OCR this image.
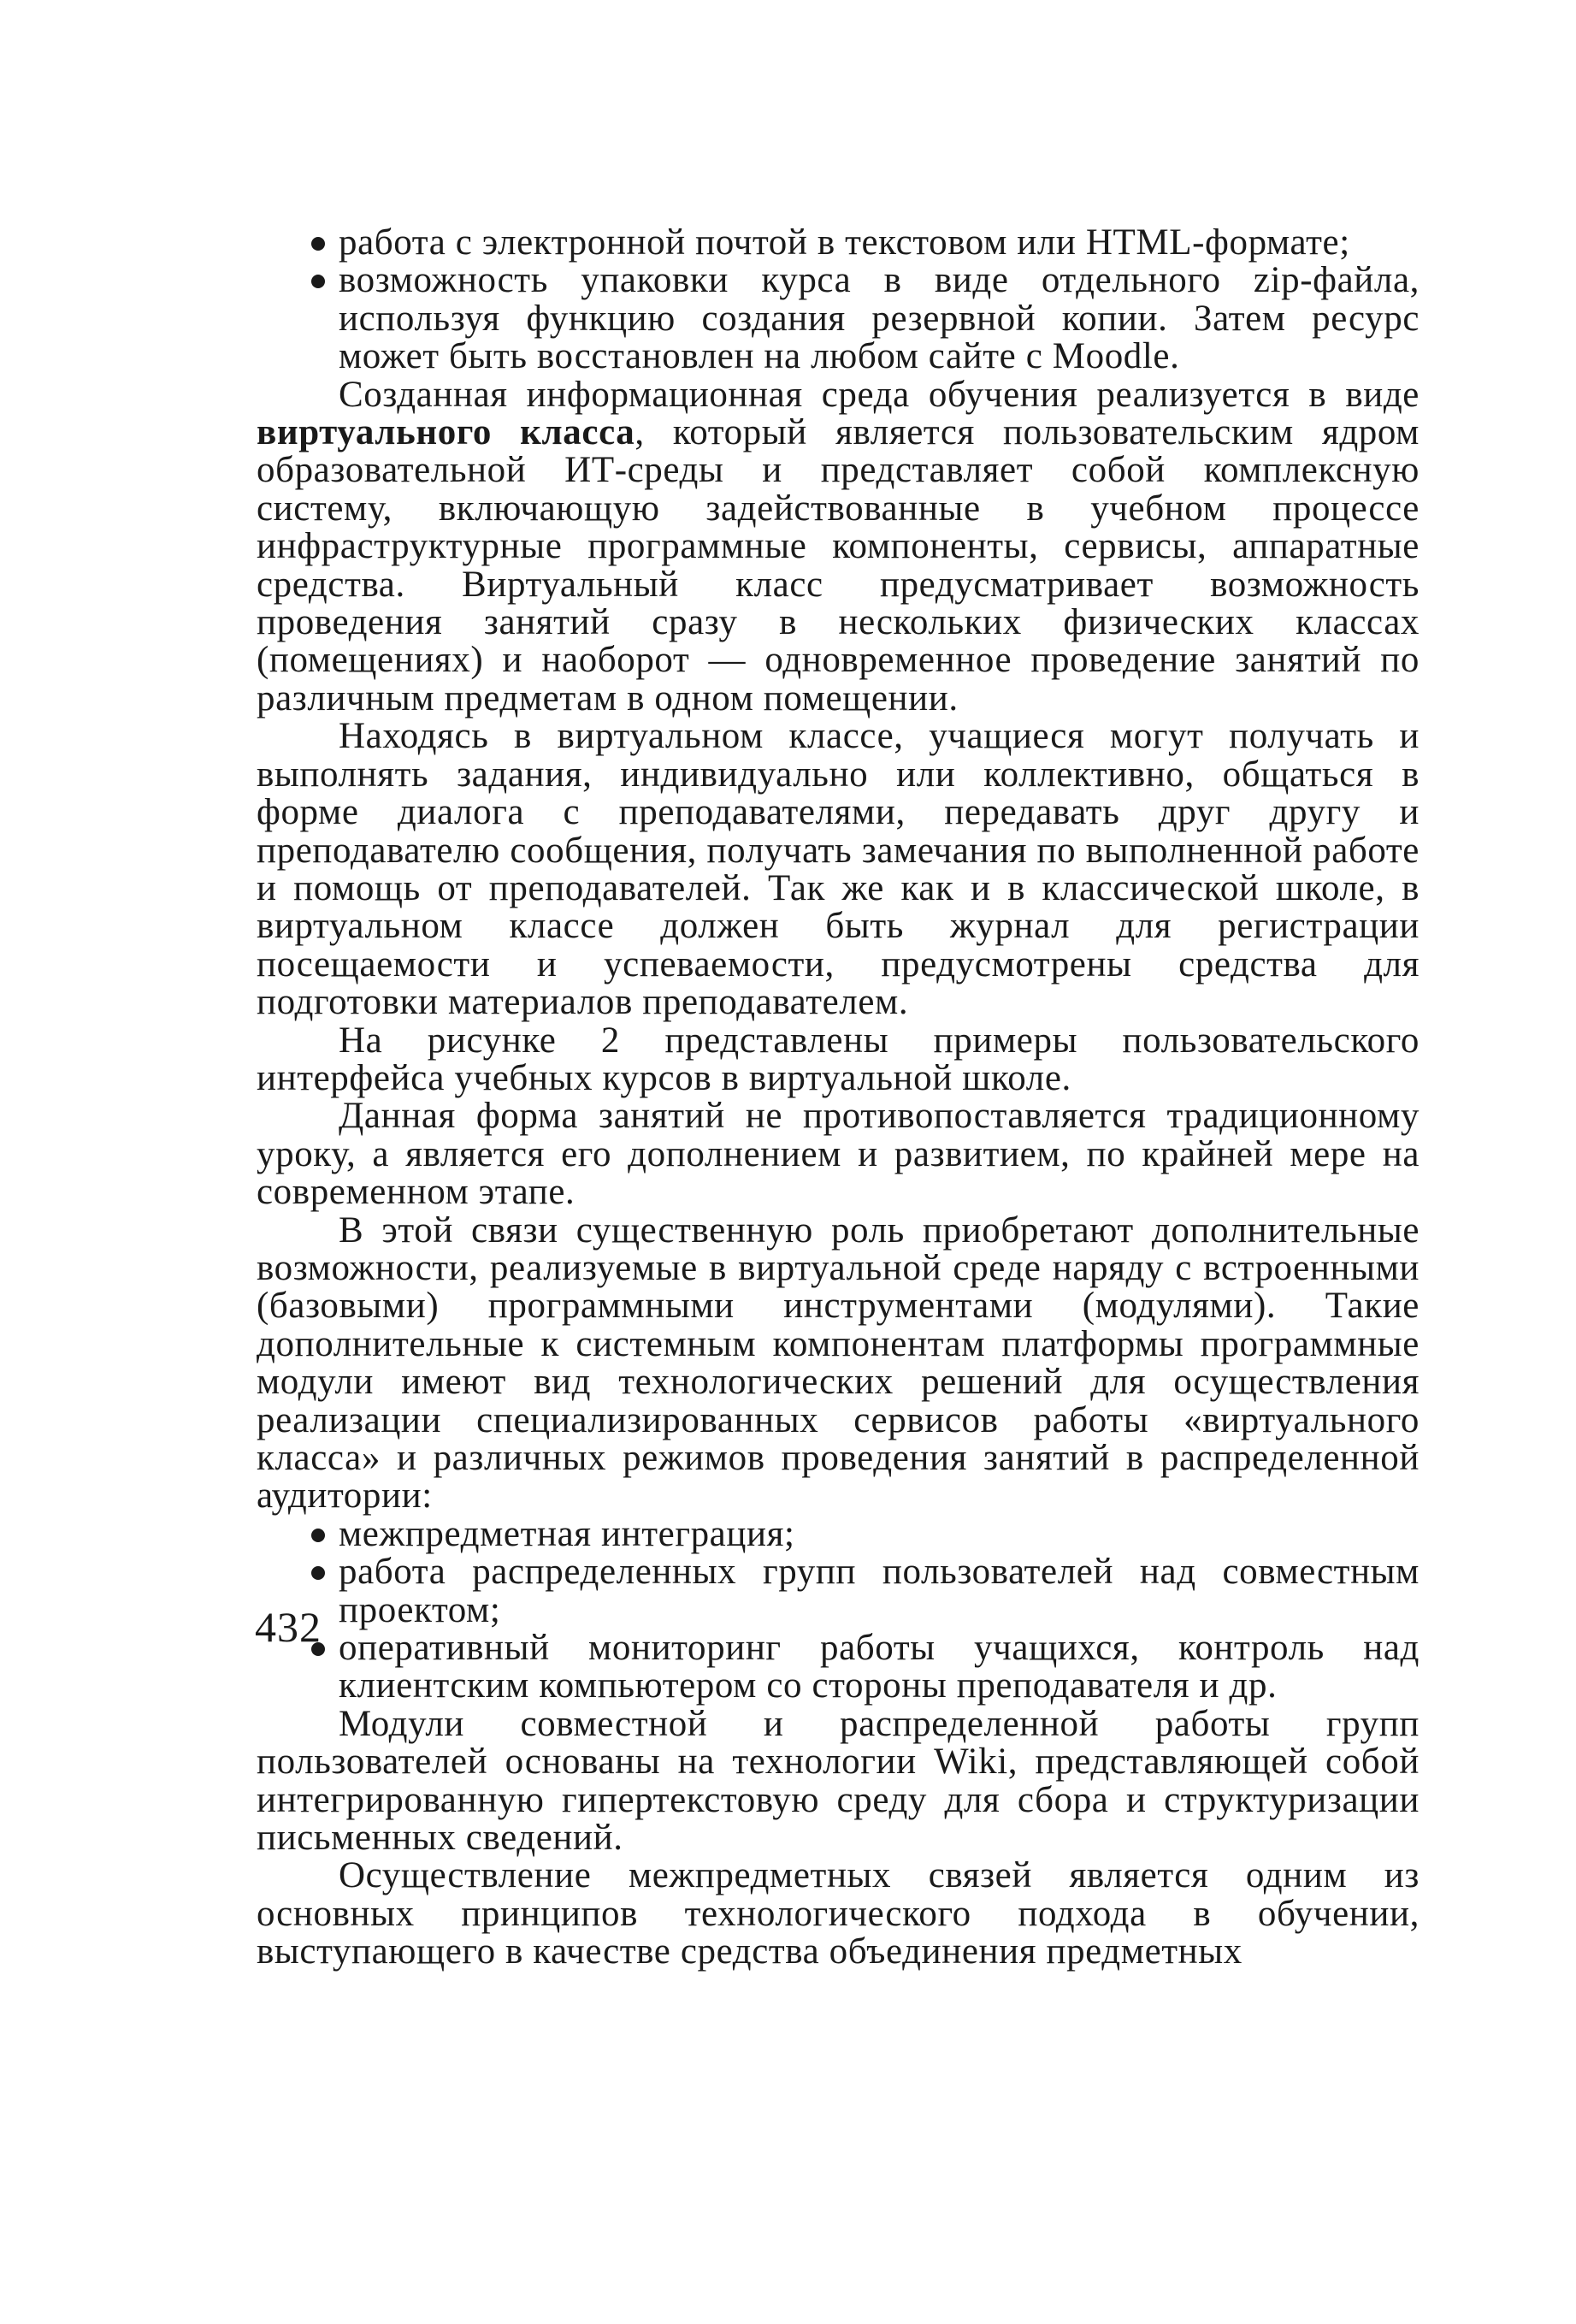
работа с электронной почтой в текстовом или HTML-формате;

возможность упаковки курса в виде отдельного zip-файла, используя функцию создания резервной копии. Затем ресурс может быть восстановлен на любом сайте с Moodle.

Созданная информационная среда обучения реализуется в виде виртуального класса, который является пользовательским ядром образовательной ИТ-среды и представляет собой комплексную систему, включающую задействованные в учебном процессе инфраструктурные программные компоненты, сервисы, аппаратные средства. Виртуальный класс предусматривает возможность проведения занятий сразу в нескольких физических классах (помещениях) и наоборот — одновременное проведение занятий по различным предметам в одном помещении.

Находясь в виртуальном классе, учащиеся могут получать и выполнять задания, индивидуально или коллективно, общаться в форме диалога с преподавателями, передавать друг другу и преподавателю сообщения, получать замечания по выполненной работе и помощь от преподавателей. Так же как и в классической школе, в виртуальном классе должен быть журнал для регистрации посещаемости и успеваемости, предусмотрены средства для подготовки материалов преподавателем.

На рисунке 2 представлены примеры пользовательского интерфейса учебных курсов в виртуальной школе.

Данная форма занятий не противопоставляется традиционному уроку, а является его дополнением и развитием, по крайней мере на современном этапе.

В этой связи существенную роль приобретают дополнительные возможности, реализуемые в виртуальной среде наряду с встроенными (базовыми) программными инструментами (модулями). Такие дополнительные к системным компонентам платформы программные модули имеют вид технологических решений для осуществления реализации специализированных сервисов работы «виртуального класса» и различных режимов проведения занятий в распределенной аудитории:

межпредметная интеграция;

работа распределенных групп пользователей над совместным проектом;

оперативный мониторинг работы учащихся, контроль над клиентским компьютером со стороны преподавателя и др.

Модули совместной и распределенной работы групп пользователей основаны на технологии Wiki, представляющей собой интегрированную гипертекстовую среду для сбора и структуризации письменных сведений.

Осуществление межпредметных связей является одним из основных принципов технологического подхода в обучении, выступающего в качестве средства объединения предметных

432
